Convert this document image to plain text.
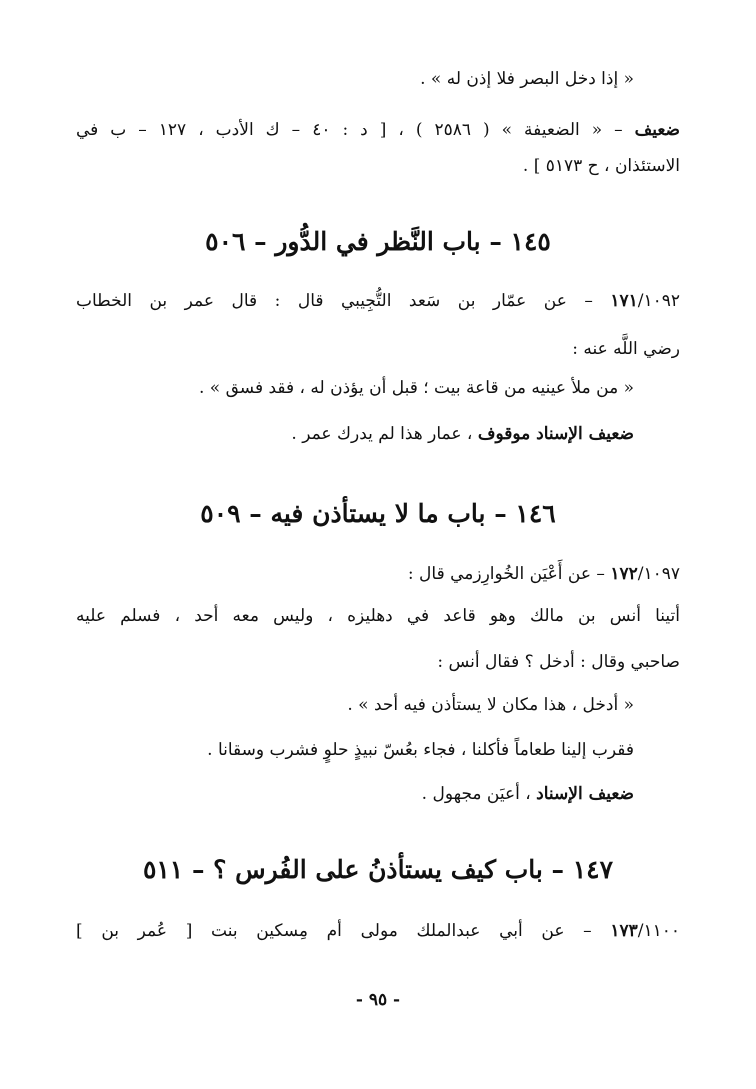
« إذا دخل البصر فلا إذن له » .
ضعيف – « الضعيفة » ( ٢٥٨٦ ) ، [ د : ٤٠ – ك الأدب ، ١٢٧ – ب في
الاستئذان ، ح ٥١٧٣ ] .
١٤٥ – باب النَّظر في الدُّور – ٥٠٦
١٧١/١٠٩٢ – عن عمّار بن سَعد التُّجِيبي قال : قال عمر بن الخطاب
رضي اللَّه عنه :
« من ملأ عينيه من قاعة بيت ؛ قبل أن يؤذن له ، فقد فسق » .
ضعيف الإسناد موقوف ، عمار هذا لم يدرك عمر .
١٤٦ – باب ما لا يستأذن فيه – ٥٠٩
١٧٢/١٠٩٧ – عن أَعْيَن الخُوارِزمي قال :
أتينا أنس بن مالك وهو قاعد في دهليزه ، وليس معه أحد ، فسلم عليه
صاحبي وقال : أدخل ؟ فقال أنس :
« أدخل ، هذا مكان لا يستأذن فيه أحد » .
فقرب إلينا طعاماً فأكلنا ، فجاء بعُسّ نبيذٍ حلوٍ فشرب وسقانا .
ضعيف الإسناد ، أعيَن مجهول .
١٤٧ – باب كيف يستأذنُ على الفُرس ؟ – ٥١١
١٧٣/١١٠٠ – عن أبي عبدالملك مولى أم مِسكين بنت [ عُمر بن ]
- ٩٥ -
